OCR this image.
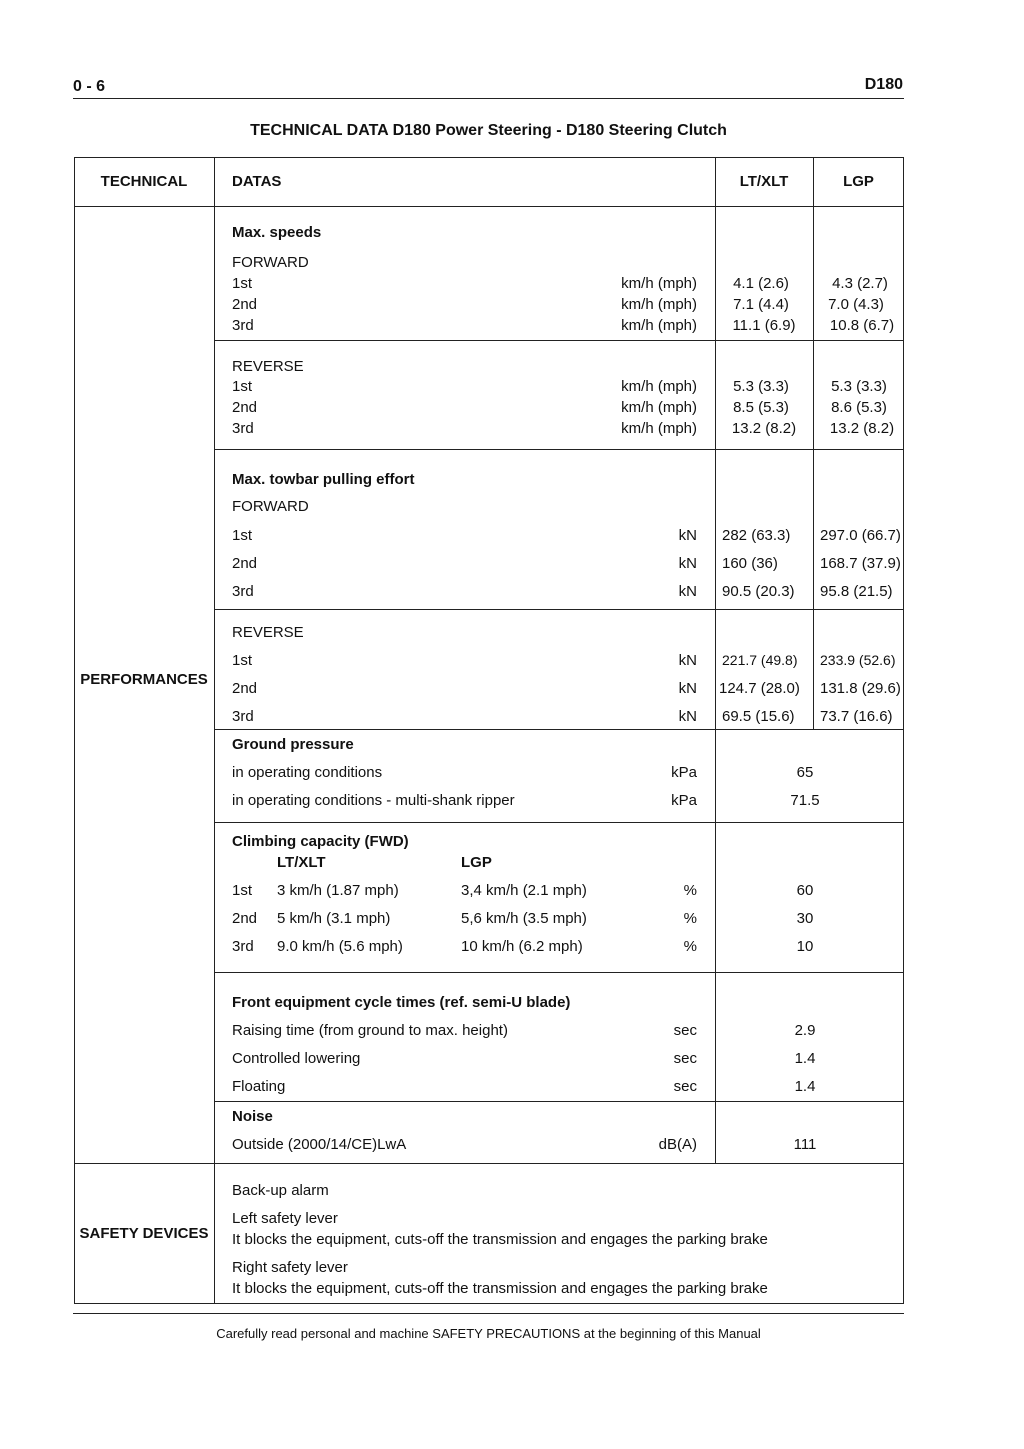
0 - 6	D180
TECHNICAL DATA D180 Power Steering - D180 Steering Clutch
TECHNICAL	DATAS	LT/XLT	LGP
PERFORMANCES
SAFETY DEVICES
Max. speeds
FORWARD
1st	km/h (mph)	4.1 (2.6)	4.3 (2.7)
2nd	km/h (mph)	7.1 (4.4)	7.0 (4.3)
3rd	km/h (mph)	11.1 (6.9)	10.8 (6.7)
REVERSE
1st	km/h (mph)	5.3 (3.3)	5.3 (3.3)
2nd	km/h (mph)	8.5 (5.3)	8.6 (5.3)
3rd	km/h (mph)	13.2 (8.2)	13.2 (8.2)
Max. towbar pulling effort
FORWARD
1st	kN 282 (63.3) 297.0 (66.7)
2nd	kN 160 (36)	168.7 (37.9)
3rd	kN 90.5 (20.3) 95.8 (21.5)
REVERSE
1st	kN 221.7 (49.8) 233.9 (52.6)
2nd	kN 124.7 (28.0) 131.8 (29.6)
3rd	kN 69.5 (15.6) 73.7 (16.6)
Ground pressure
in operating conditions	kPa	65
in operating conditions - multi-shank ripper	kPa	71.5
Climbing capacity (FWD)
LT/XLT	LGP
1st 3 km/h (1.87 mph)	3,4 km/h (2.1 mph)	%	60
2nd 5 km/h (3.1 mph)	5,6 km/h (3.5 mph)	%	30
3rd 9.0 km/h (5.6 mph)	10 km/h (6.2 mph)	%	10
Front equipment cycle times (ref. semi-U blade)
Raising time (from ground to max. height)	sec	2.9
Controlled lowering	sec	1.4
Floating	sec	1.4
Noise
Outside (2000/14/CE)LwA	dB(A)	111
Back-up alarm
Left safety lever
It blocks the equipment, cuts-off the transmission and engages the parking brake
Right safety lever
It blocks the equipment, cuts-off the transmission and engages the parking brake
Carefully read personal and machine SAFETY PRECAUTIONS at the beginning of this Manual
